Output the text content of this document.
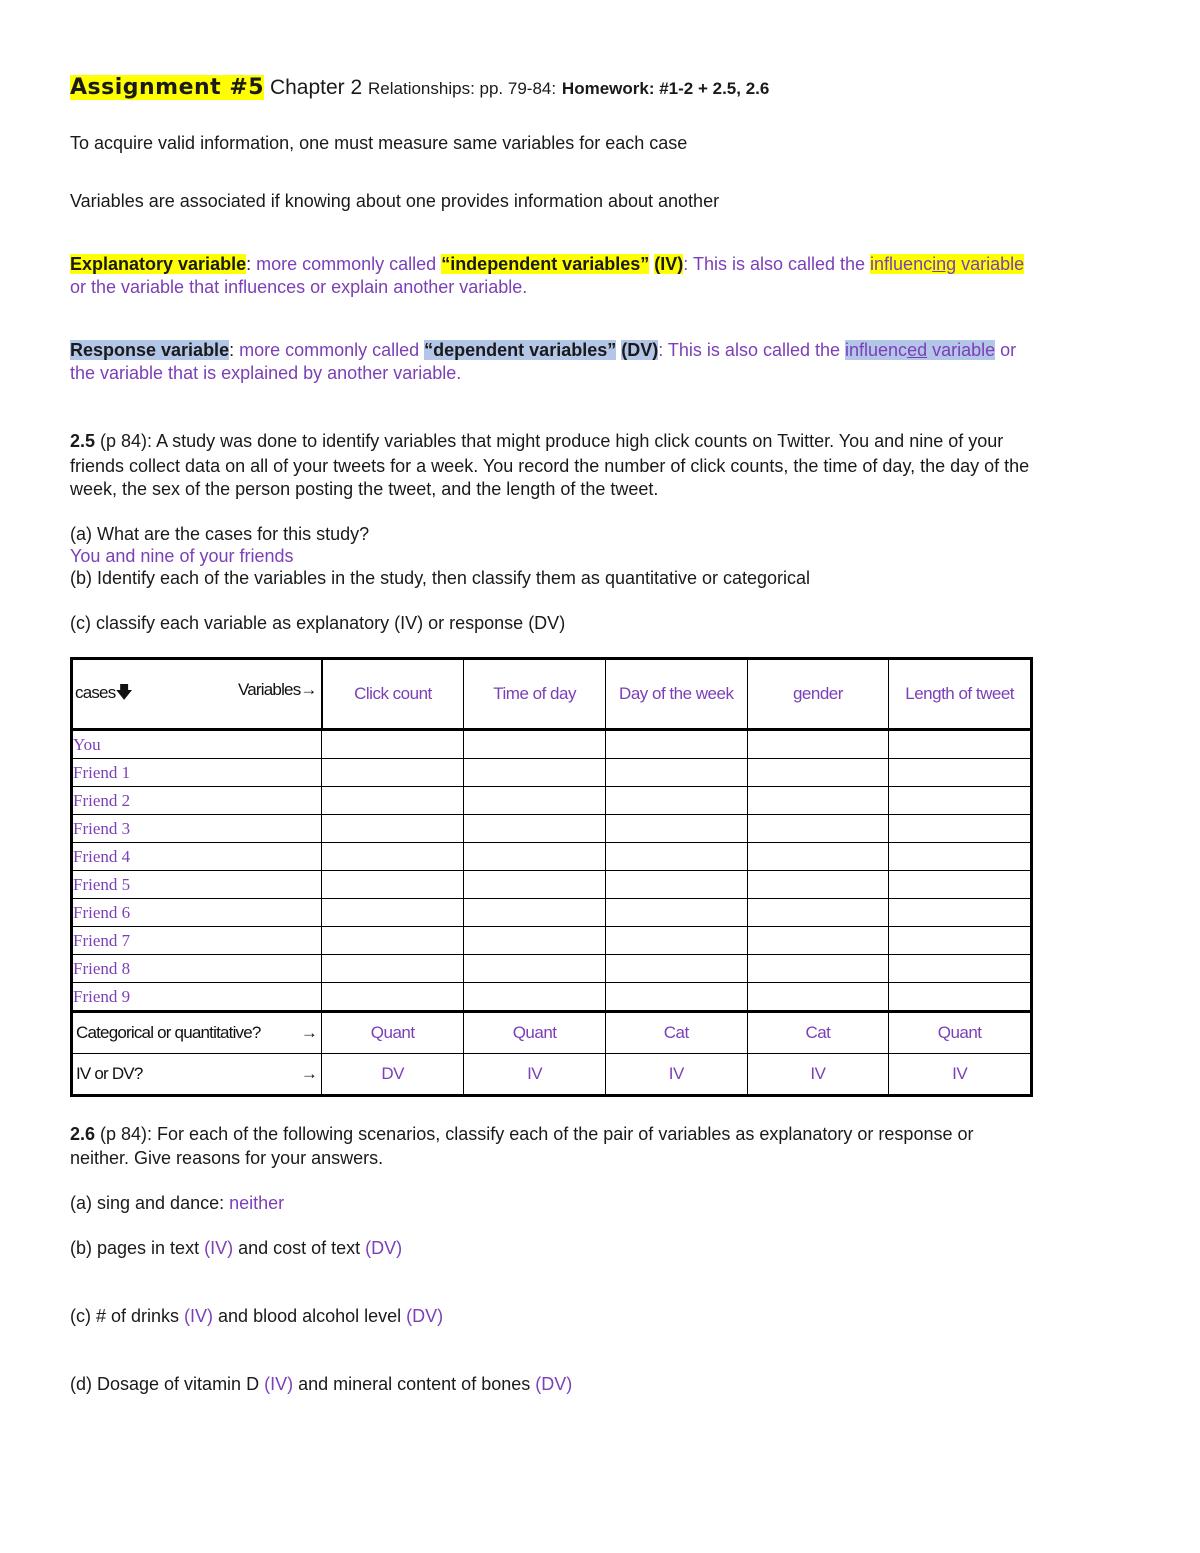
Assignment #5 Chapter 2 Relationships: pp. 79-84: Homework: #1-2 + 2.5, 2.6
To acquire valid information, one must measure same variables for each case
Variables are associated if knowing about one provides information about another
Explanatory variable: more commonly called “independent variables” (IV): This is also called the influencing variable
or the variable that influences or explain another variable.
Response variable: more commonly called “dependent variables” (DV): This is also called the influenced variable or
the variable that is explained by another variable.
2.5 (p 84): A study was done to identify variables that might produce high click counts on Twitter. You and nine of your
friends collect data on all of your tweets for a week. You record the number of click counts, the time of day, the day of the
week, the sex of the person posting the tweet, and the length of the tweet.
(a) What are the cases for this study?
You and nine of your friends
(b) Identify each of the variables in the study, then classify them as quantitative or categorical
(c) classify each variable as explanatory (IV) or response (DV)
cases🡇 Variables→	Click count	Time of day	Day of the week	gender	Length of tweet
You					
Friend 1					
Friend 2					
Friend 3					
Friend 4					
Friend 5					
Friend 6					
Friend 7					
Friend 8					
Friend 9					

Categorical or quantitative? →	Quant	Quant	Cat	Cat	Quant

IV or DV? →	DV	IV	IV	IV	IV
2.6 (p 84): For each of the following scenarios, classify each of the pair of variables as explanatory or response or
neither. Give reasons for your answers.
(a) sing and dance: neither
(b) pages in text (IV) and cost of text (DV)
(c) # of drinks (IV) and blood alcohol level (DV)
(d) Dosage of vitamin D (IV) and mineral content of bones (DV)
